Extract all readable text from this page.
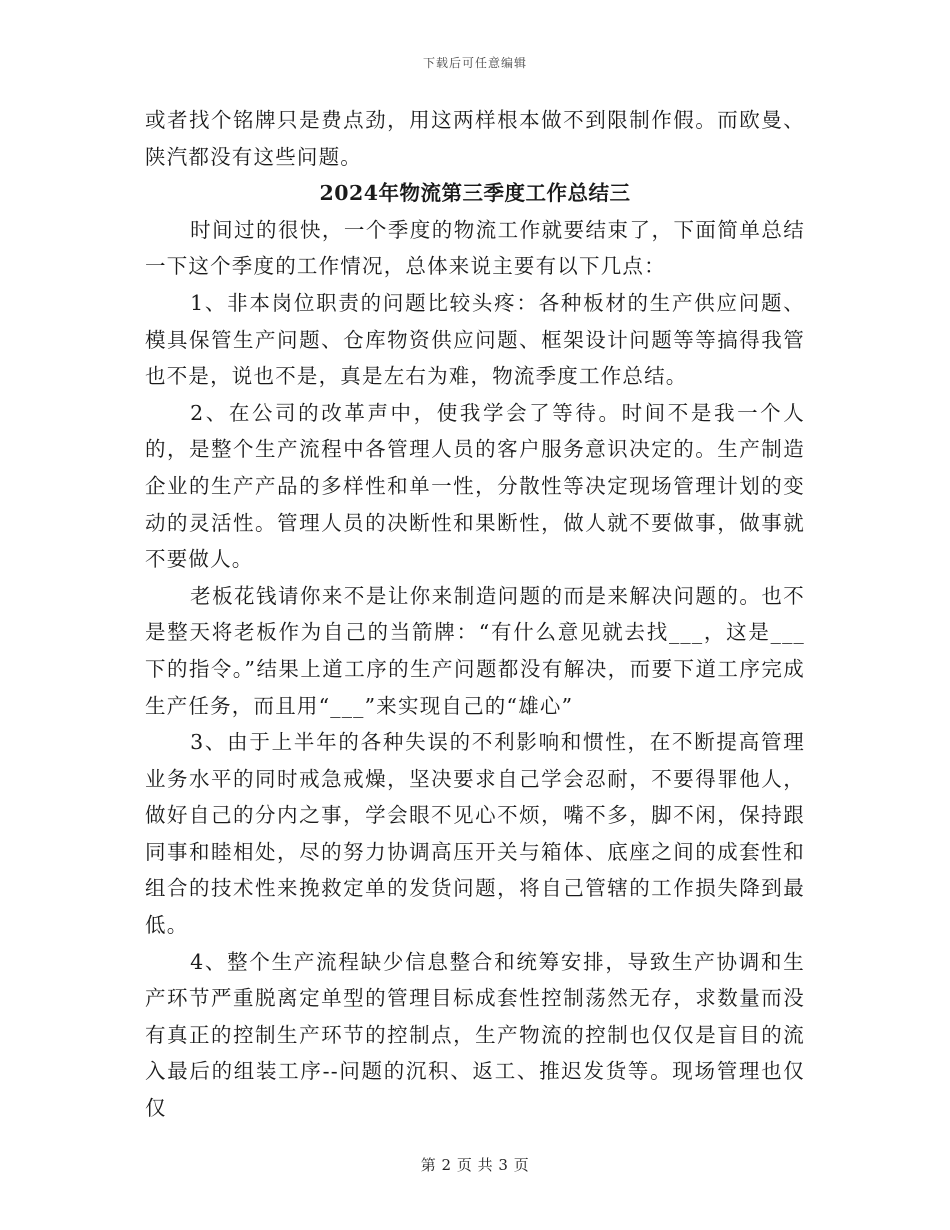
下载后可任意编辑

或者找个铭牌只是费点劲，用这两样根本做不到限制作假。而欧曼、陕汽都没有这些问题。

2024年物流第三季度工作总结三

时间过的很快，一个季度的物流工作就要结束了，下面简单总结一下这个季度的工作情况，总体来说主要有以下几点：

1、非本岗位职责的问题比较头疼：各种板材的生产供应问题、模具保管生产问题、仓库物资供应问题、框架设计问题等等搞得我管也不是，说也不是，真是左右为难，物流季度工作总结。

2、在公司的改革声中，使我学会了等待。时间不是我一个人的，是整个生产流程中各管理人员的客户服务意识决定的。生产制造企业的生产产品的多样性和单一性，分散性等决定现场管理计划的变动的灵活性。管理人员的决断性和果断性，做人就不要做事，做事就不要做人。

老板花钱请你来不是让你来制造问题的而是来解决问题的。也不是整天将老板作为自己的当箭牌：“有什么意见就去找___，这是___下的指令。”结果上道工序的生产问题都没有解决，而要下道工序完成生产任务，而且用“___”来实现自己的“雄心”

3、由于上半年的各种失误的不利影响和惯性，在不断提高管理业务水平的同时戒急戒燥，坚决要求自己学会忍耐，不要得罪他人，做好自己的分内之事，学会眼不见心不烦，嘴不多，脚不闲，保持跟同事和睦相处，尽的努力协调高压开关与箱体、底座之间的成套性和组合的技术性来挽救定单的发货问题，将自己管辖的工作损失降到最低。

4、整个生产流程缺少信息整合和统筹安排，导致生产协调和生产环节严重脱离定单型的管理目标成套性控制荡然无存，求数量而没有真正的控制生产环节的控制点，生产物流的控制也仅仅是盲目的流入最后的组装工序--问题的沉积、返工、推迟发货等。现场管理也仅仅

第 2 页 共 3 页
